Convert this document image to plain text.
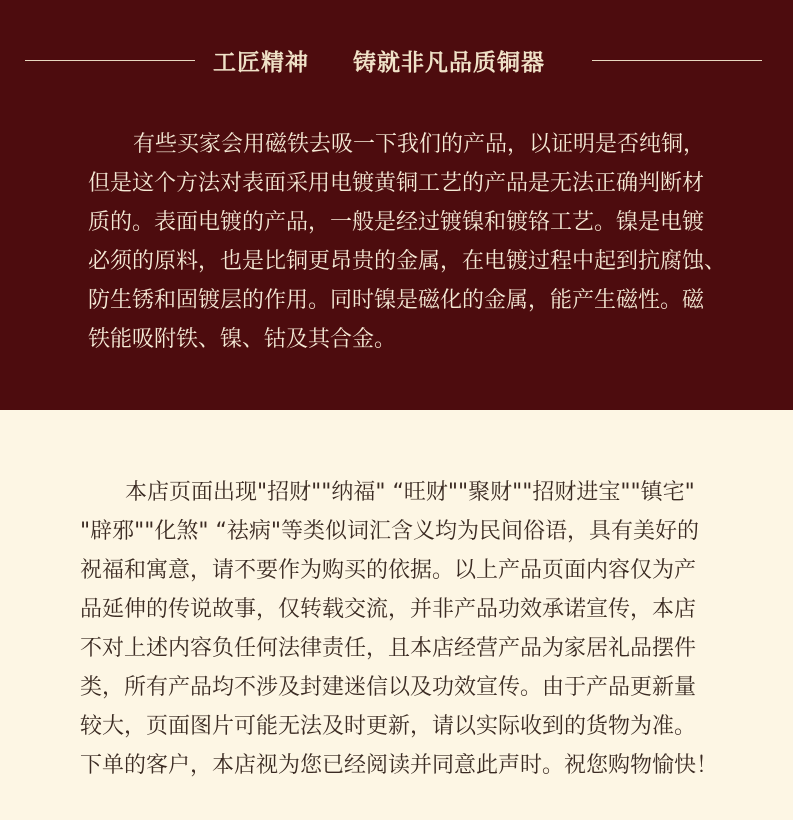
工匠精神 铸就非凡品质铜器

有些买家会用磁铁去吸一下我们的产品，以证明是否纯铜，
但是这个方法对表面采用电镀黄铜工艺的产品是无法正确判断材
质的。表面电镀的产品，一般是经过镀镍和镀铬工艺。镍是电镀
必须的原料，也是比铜更昂贵的金属，在电镀过程中起到抗腐蚀、
防生锈和固镀层的作用。同时镍是磁化的金属，能产生磁性。磁
铁能吸附铁、镍、钴及其合金。

本店页面出现"招财""纳福" “旺财""聚财""招财进宝""镇宅"
"辟邪""化煞" “祛病"等类似词汇含义均为民间俗语，具有美好的
祝福和寓意，请不要作为购买的依据。以上产品页面内容仅为产
品延伸的传说故事，仅转载交流，并非产品功效承诺宣传，本店
不对上述内容负任何法律责任，且本店经营产品为家居礼品摆件
类，所有产品均不涉及封建迷信以及功效宣传。由于产品更新量
较大，页面图片可能无法及时更新，请以实际收到的货物为准。
下单的客户，本店视为您已经阅读并同意此声时。祝您购物愉快！
